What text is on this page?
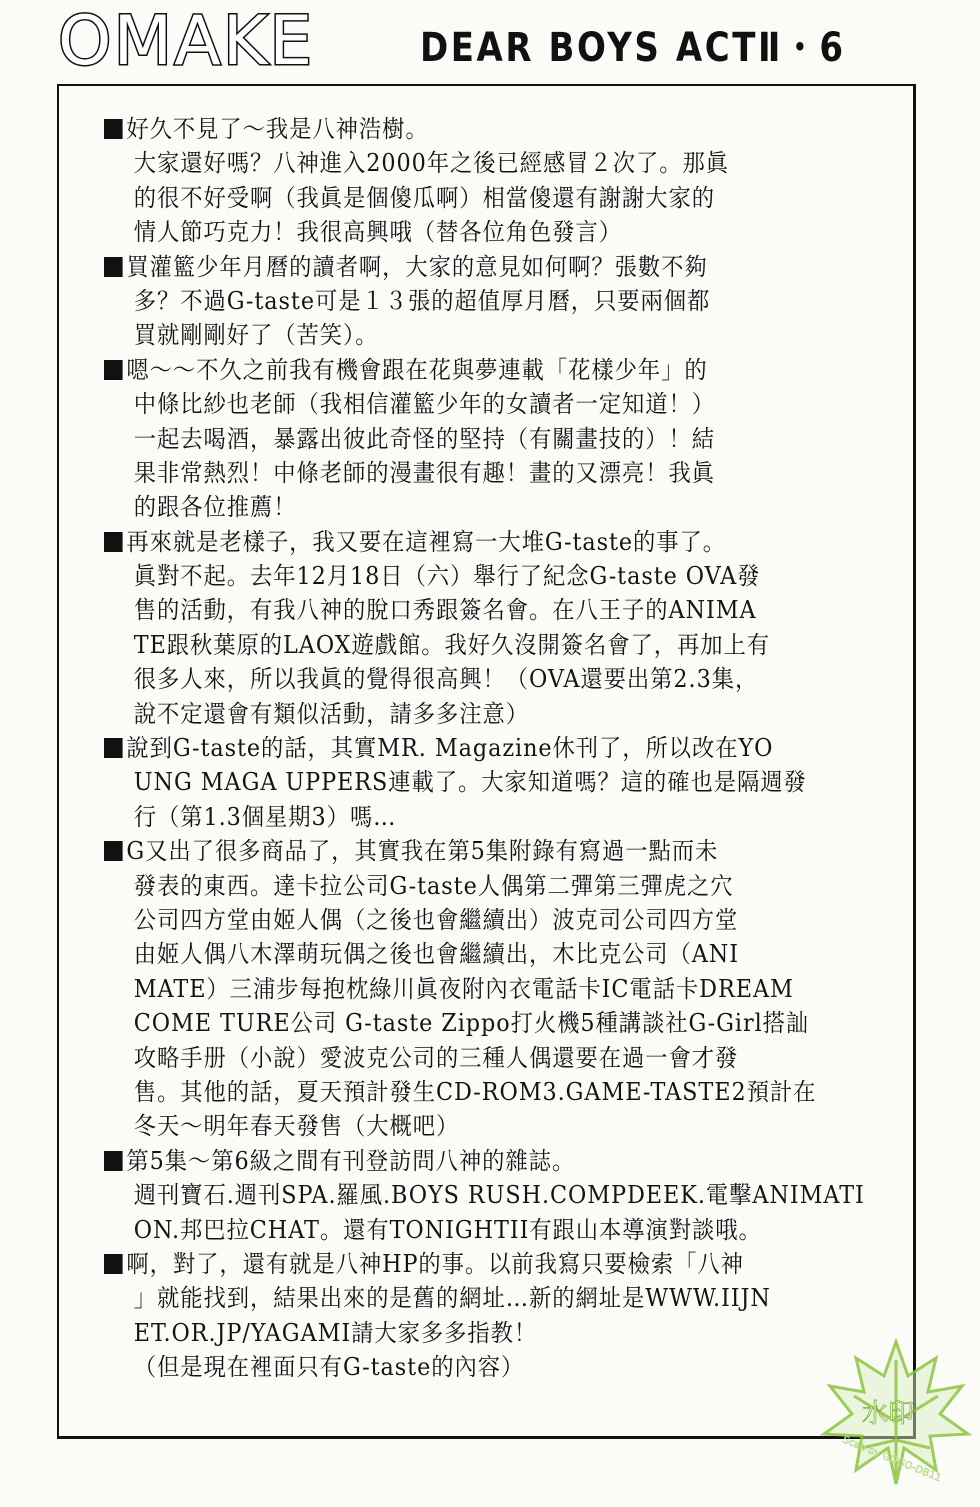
OMAKE	DEAR BOYS ACTⅡ・6
好久不見了～我是八神浩樹。
大家還好嗎？八神進入2000年之後已經感冒２次了。那眞
的很不好受啊（我眞是個傻瓜啊）相當傻還有謝謝大家的
情人節巧克力！我很高興哦（替各位角色發言）
買灌籃少年月曆的讀者啊，大家的意見如何啊？張數不夠
多？不過G-taste可是１３張的超值厚月曆，只要兩個都
買就剛剛好了（苦笑）。
嗯～～不久之前我有機會跟在花與夢連載「花樣少年」的
中條比紗也老師（我相信灌籃少年的女讀者一定知道！）
一起去喝酒，暴露出彼此奇怪的堅持（有關畫技的）！結
果非常熱烈！中條老師的漫畫很有趣！畫的又漂亮！我眞
的跟各位推薦！
再來就是老樣子，我又要在這裡寫一大堆G-taste的事了。
眞對不起。去年12月18日（六）舉行了紀念G-taste OVA發
售的活動，有我八神的脫口秀跟簽名會。在八王子的ANIMA
TE跟秋葉原的LAOX遊戲館。我好久沒開簽名會了，再加上有
很多人來，所以我眞的覺得很高興！（OVA還要出第2.3集，
說不定還會有類似活動，請多多注意）
說到G-taste的話，其實MR. Magazine休刊了，所以改在YO
UNG MAGA UPPERS連載了。大家知道嗎？這的確也是隔週發
行（第1.3個星期3）嗎…
G又出了很多商品了，其實我在第5集附錄有寫過一點而未
發表的東西。達卡拉公司G-taste人偶第二彈第三彈虎之穴
公司四方堂由姬人偶（之後也會繼續出）波克司公司四方堂
由姬人偶八木澤萌玩偶之後也會繼續出，木比克公司（ANI
MATE）三浦步每抱枕綠川眞夜附內衣電話卡IC電話卡DREAM
COME TURE公司 G-taste Zippo打火機5種講談社G-Girl搭訕
攻略手册（小說）愛波克公司的三種人偶還要在過一會才發
售。其他的話，夏天預計發生CD-ROM3.GAME-TASTE2預計在
冬天～明年春天發售（大概吧）
第5集～第6級之間有刊登訪問八神的雜誌。
週刊寶石.週刊SPA.羅風.BOYS RUSH.COMPDEEK.電擊ANIMATI
ON.邦巴拉CHAT。還有TONIGHTII有跟山本導演對談哦。
啊，對了，還有就是八神HP的事。以前我寫只要檢索「八神
」就能找到，結果出來的是舊的網址…新的網址是WWW.IIJN
ET.OR.JP/YAGAMI請大家多多指教！
（但是現在裡面只有G-taste的內容）
水印
Scan by GOGO-DB11
